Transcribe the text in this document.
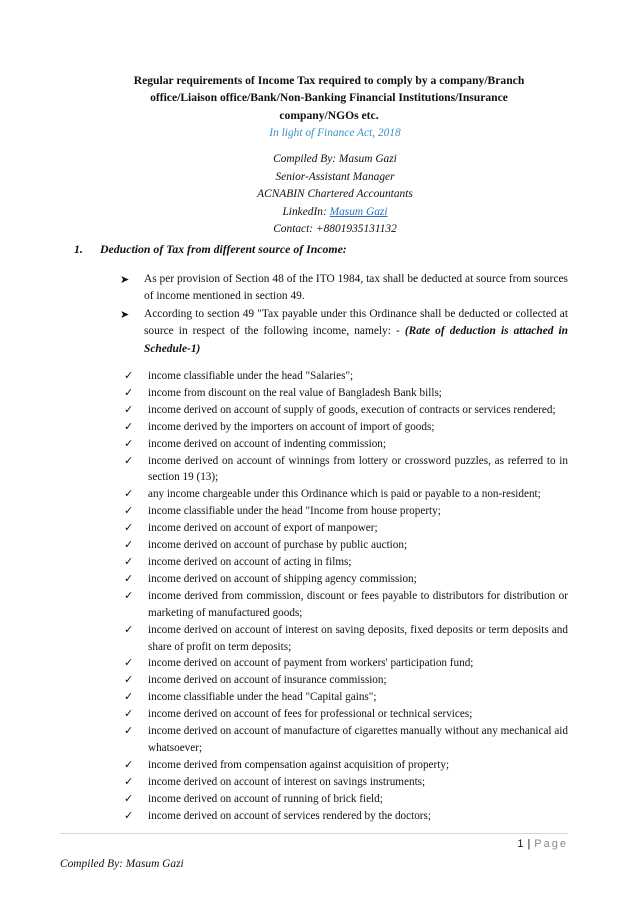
Regular requirements of Income Tax required to comply by a company/Branch
office/Liaison office/Bank/Non-Banking Financial Institutions/Insurance
company/NGOs etc.
In light of Finance Act, 2018
Compiled By: Masum Gazi
Senior-Assistant Manager
ACNABIN Chartered Accountants
LinkedIn: Masum Gazi
Contact: +8801935131132
1. Deduction of Tax from different source of Income:
➤ As per provision of Section 48 of the ITO 1984, tax shall be deducted at source from sources of income mentioned in section 49.
➤ According to section 49 "Tax payable under this Ordinance shall be deducted or collected at source in respect of the following income, namely: - (Rate of deduction is attached in Schedule-1)
✓ income classifiable under the head "Salaries";
✓ income from discount on the real value of Bangladesh Bank bills;
✓ income derived on account of supply of goods, execution of contracts or services rendered;
✓ income derived by the importers on account of import of goods;
✓ income derived on account of indenting commission;
✓ income derived on account of winnings from lottery or crossword puzzles, as referred to in section 19 (13);
✓ any income chargeable under this Ordinance which is paid or payable to a non-resident;
✓ income classifiable under the head "Income from house property;
✓ income derived on account of export of manpower;
✓ income derived on account of purchase by public auction;
✓ income derived on account of acting in films;
✓ income derived on account of shipping agency commission;
✓ income derived from commission, discount or fees payable to distributors for distribution or marketing of manufactured goods;
✓ income derived on account of interest on saving deposits, fixed deposits or term deposits and share of profit on term deposits;
✓ income derived on account of payment from workers' participation fund;
✓ income derived on account of insurance commission;
✓ income classifiable under the head "Capital gains";
✓ income derived on account of fees for professional or technical services;
✓ income derived on account of manufacture of cigarettes manually without any mechanical aid whatsoever;
✓ income derived from compensation against acquisition of property;
✓ income derived on account of interest on savings instruments;
✓ income derived on account of running of brick field;
✓ income derived on account of services rendered by the doctors;
1 | Page
Compiled By: Masum Gazi
